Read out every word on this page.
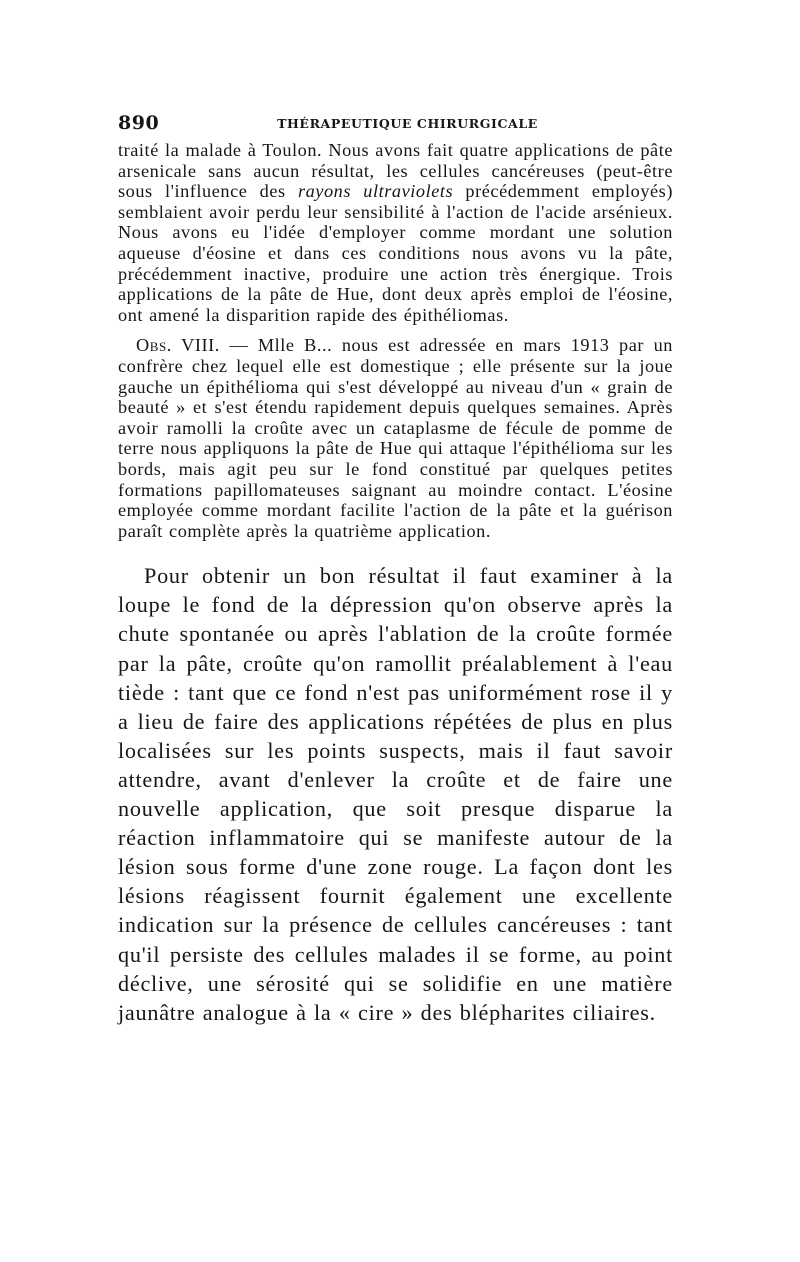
890	THÉRAPEUTIQUE CHIRURGICALE

traité la malade à Toulon. Nous avons fait quatre applications de pâte arsenicale sans aucun résultat, les cellules cancéreuses (peut-être sous l'influence des rayons ultraviolets précédemment employés) semblaient avoir perdu leur sensibilité à l'action de l'acide arsénieux. Nous avons eu l'idée d'employer comme mordant une solution aqueuse d'éosine et dans ces conditions nous avons vu la pâte, précédemment inactive, produire une action très énergique. Trois applications de la pâte de Hue, dont deux après emploi de l'éosine, ont amené la disparition rapide des épithéliomas.

Obs. VIII. — Mlle B... nous est adressée en mars 1913 par un confrère chez lequel elle est domestique ; elle présente sur la joue gauche un épithélioma qui s'est développé au niveau d'un « grain de beauté » et s'est étendu rapidement depuis quelques semaines. Après avoir ramolli la croûte avec un cataplasme de fécule de pomme de terre nous appliquons la pâte de Hue qui attaque l'épithélioma sur les bords, mais agit peu sur le fond constitué par quelques petites formations papillomateuses saignant au moindre contact. L'éosine employée comme mordant facilite l'action de la pâte et la guérison paraît complète après la quatrième application.

Pour obtenir un bon résultat il faut examiner à la loupe le fond de la dépression qu'on observe après la chute spontanée ou après l'ablation de la croûte formée par la pâte, croûte qu'on ramollit préalablement à l'eau tiède : tant que ce fond n'est pas uniformément rose il y a lieu de faire des applications répétées de plus en plus localisées sur les points suspects, mais il faut savoir attendre, avant d'enlever la croûte et de faire une nouvelle application, que soit presque disparue la réaction inflammatoire qui se manifeste autour de la lésion sous forme d'une zone rouge. La façon dont les lésions réagissent fournit également une excellente indication sur la présence de cellules cancéreuses : tant qu'il persiste des cellules malades il se forme, au point déclive, une sérosité qui se solidifie en une matière jaunâtre analogue à la « cire » des blépharites ciliaires.
